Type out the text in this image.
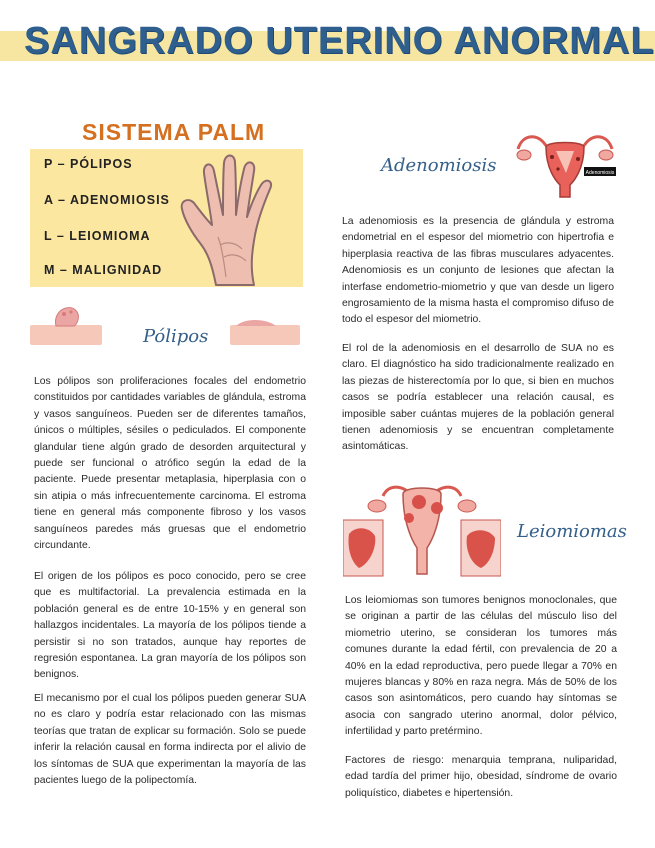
SANGRADO UTERINO ANORMAL
SISTEMA PALM
P – PÓLIPOS
A – ADENOMIOSIS
L – LEIOMIOMA
M – MALIGNIDAD
Pólipos

Los pólipos son proliferaciones focales del endometrio constituidos por cantidades variables de glándula, estroma y vasos sanguíneos. Pueden ser de diferentes tamaños, únicos o múltiples, sésiles o pediculados. El componente glandular tiene algún grado de desorden arquitectural y puede ser funcional o atrófico según la edad de la paciente. Puede presentar metaplasia, hiperplasia con o sin atipia o más infrecuentemente carcinoma. El estroma tiene en general más componente fibroso y los vasos sanguíneos paredes más gruesas que el endometrio circundante.

El origen de los pólipos es poco conocido, pero se cree que es multifactorial. La prevalencia estimada en la población general es de entre 10-15% y en general son hallazgos incidentales. La mayoría de los pólipos tiende a persistir si no son tratados, aunque hay reportes de regresión espontanea. La gran mayoría de los pólipos son benignos.

El mecanismo por el cual los pólipos pueden generar SUA no es claro y podría estar relacionado con las mismas teorías que tratan de explicar su formación. Solo se puede inferir la relación causal en forma indirecta por el alivio de los síntomas de SUA que experimentan la mayoría de las pacientes luego de la polipectomía.

Adenomiosis	Adenomiosis

La adenomiosis es la presencia de glándula y estroma endometrial en el espesor del miometrio con hipertrofia e hiperplasia reactiva de las fibras musculares adyacentes. Adenomiosis es un conjunto de lesiones que afectan la interfase endometrio-miometrio y que van desde un ligero engrosamiento de la misma hasta el compromiso difuso de todo el espesor del miometrio.

El rol de la adenomiosis en el desarrollo de SUA no es claro. El diagnóstico ha sido tradicionalmente realizado en las piezas de histerectomía por lo que, si bien en muchos casos se podría establecer una relación causal, es imposible saber cuántas mujeres de la población general tienen adenomiosis y se encuentran completamente asintomáticas.

Leiomiomas

Los leiomiomas son tumores benignos monoclonales, que se originan a partir de las células del músculo liso del miometrio uterino, se consideran los tumores más comunes durante la edad fértil, con prevalencia de 20 a 40% en la edad reproductiva, pero puede llegar a 70% en mujeres blancas y 80% en raza negra. Más de 50% de los casos son asintomáticos, pero cuando hay síntomas se asocia con sangrado uterino anormal, dolor pélvico, infertilidad y parto pretérmino.

Factores de riesgo: menarquia temprana, nuliparidad, edad tardía del primer hijo, obesidad, síndrome de ovario poliquístico, diabetes e hipertensión.
